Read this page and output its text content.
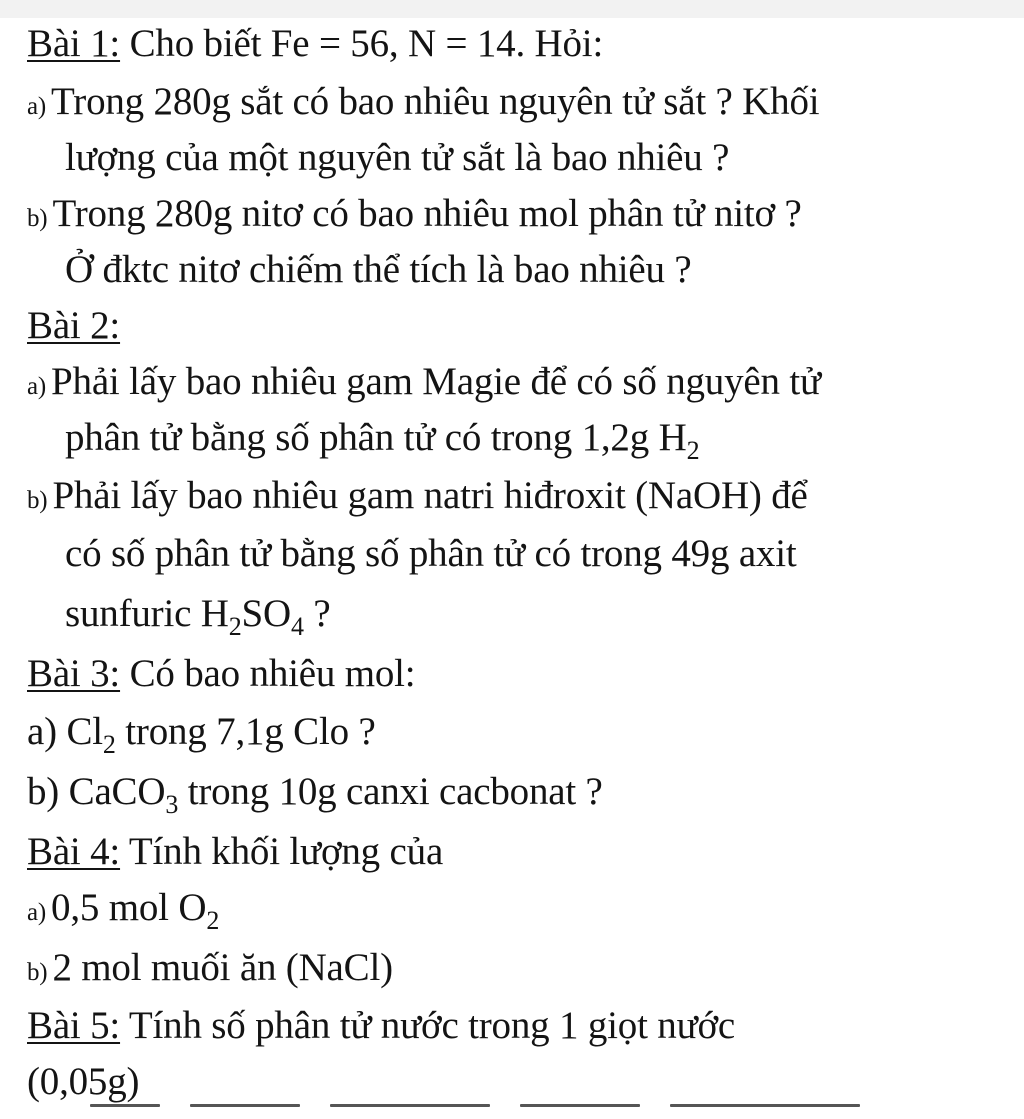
Bài 1: Cho biết Fe = 56, N = 14. Hỏi:
a) Trong 280g sắt có bao nhiêu nguyên tử sắt ? Khối
lượng của một nguyên tử sắt là bao nhiêu ?
b) Trong 280g nitơ có bao nhiêu mol phân tử nitơ ?
Ở đktc nitơ chiếm thể tích là bao nhiêu ?
Bài 2:
a) Phải lấy bao nhiêu gam Magie để có số nguyên tử
phân tử bằng số phân tử có trong 1,2g $H_2$
b) Phải lấy bao nhiêu gam natri hiđroxit (NaOH) để
có số phân tử bằng số phân tử có trong 49g axit
sunfuric $H_2SO_4$ ?
Bài 3: Có bao nhiêu mol:
a) $Cl_2$ trong 7,1g Clo ?
b) CaCO$_3$ trong 10g canxi cacbonat ?
Bài 4: Tính khối lượng của
a) 0,5 mol $O_2$
b) 2 mol muối ăn (NaCl)
Bài 5: Tính số phân tử nước trong 1 giọt nước
(0,05g)
